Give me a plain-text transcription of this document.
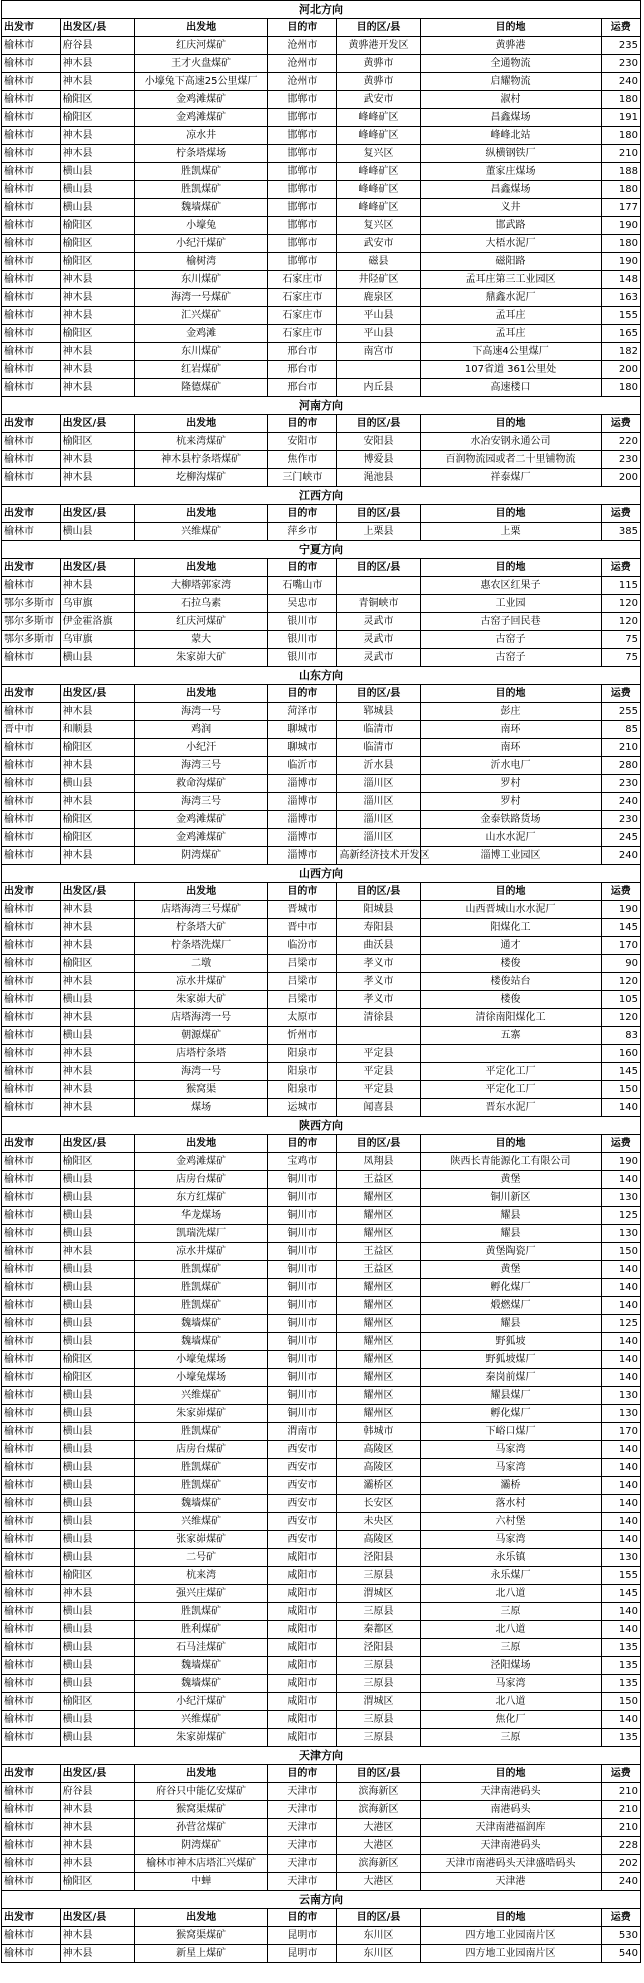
河北方向						
出发市	出发区/县	出发地	目的市	目的区/县	目的地	运费
榆林市	府谷县	红庆河煤矿	沧州市	黄骅港开发区	黄骅港	235
榆林市	神木县	王才火盘煤矿	沧州市	黄骅市	全通物流	230
榆林市	神木县	小壕兔下高速25公里煤厂	沧州市	黄骅市	启耀物流	240
榆林市	榆阳区	金鸡滩煤矿	邯郸市	武安市	淑村	180
榆林市	榆阳区	金鸡滩煤矿	邯郸市	峰峰矿区	昌鑫煤场	191
榆林市	神木县	凉水井	邯郸市	峰峰矿区	峰峰北站	180
榆林市	神木县	柠条塔煤场	邯郸市	复兴区	纵横钢铁厂	210
榆林市	横山县	胜凯煤矿	邯郸市	峰峰矿区	董家庄煤场	188
榆林市	横山县	胜凯煤矿	邯郸市	峰峰矿区	昌鑫煤场	180
榆林市	横山县	魏墙煤矿	邯郸市	峰峰矿区	义井	177
榆林市	榆阳区	小壕兔	邯郸市	复兴区	邯武路	190
榆林市	榆阳区	小纪汗煤矿	邯郸市	武安市	大梧水泥厂	180
榆林市	榆阳区	榆树湾	邯郸市	磁县	磁阳路	190
榆林市	神木县	东川煤矿	石家庄市	井陉矿区	孟耳庄第三工业园区	148
榆林市	神木县	海湾一号煤矿	石家庄市	鹿泉区	鼎鑫水泥厂	163
榆林市	神木县	汇兴煤矿	石家庄市	平山县	孟耳庄	155
榆林市	榆阳区	金鸡滩	石家庄市	平山县	孟耳庄	165
榆林市	神木县	东川煤矿	邢台市	南宫市	下高速4公里煤厂	182
榆林市	神木县	红岩煤矿	邢台市		107省道 361公里处	200
榆林市	神木县	隆德煤矿	邢台市	内丘县	高速楼口	180
河南方向						
出发市	出发区/县	出发地	目的市	目的区/县	目的地	运费
榆林市	榆阳区	杭来湾煤矿	安阳市	安阳县	水冶安钢永通公司	220
榆林市	神木县	神木县柠条塔煤矿	焦作市	博爱县	百润物流园或者二十里铺物流	230
榆林市	神木县	圪柳沟煤矿	三门峡市	渑池县	祥泰煤厂	200
江西方向						
出发市	出发区/县	出发地	目的市	目的区/县	目的地	运费
榆林市	横山县	兴维煤矿	萍乡市	上栗县	上栗	385
宁夏方向						
出发市	出发区/县	出发地	目的市	目的区/县	目的地	运费
榆林市	神木县	大柳塔郭家湾	石嘴山市		惠农区红果子	115
鄂尔多斯市	乌审旗	石拉乌素	吴忠市	青铜峡市	工业园	120
鄂尔多斯市	伊金霍洛旗	红庆河煤矿	银川市	灵武市	古窑子回民巷	120
鄂尔多斯市	乌审旗	蒙大	银川市	灵武市	古窑子	75
榆林市	横山县	朱家峁大矿	银川市	灵武市	古窑子	75
山东方向						
出发市	出发区/县	出发地	目的市	目的区/县	目的地	运费
榆林市	神木县	海湾一号	菏泽市	郓城县	彭庄	255
晋中市	和顺县	鸡润	聊城市	临清市	南环	85
榆林市	榆阳区	小纪汗	聊城市	临清市	南环	210
榆林市	神木县	海湾三号	临沂市	沂水县	沂水电厂	280
榆林市	横山县	救命沟煤矿	淄博市	淄川区	罗村	230
榆林市	神木县	海湾三号	淄博市	淄川区	罗村	240
榆林市	榆阳区	金鸡滩煤矿	淄博市	淄川区	金泰铁路货场	230
榆林市	榆阳区	金鸡滩煤矿	淄博市	淄川区	山水水泥厂	245
榆林市	神木县	阴湾煤矿	淄博市	高新经济技术开发区	淄博工业园区	240
山西方向						
出发市	出发区/县	出发地	目的市	目的区/县	目的地	运费
榆林市	神木县	店塔海湾三号煤矿	晋城市	阳城县	山西晋城山水水泥厂	190
榆林市	神木县	柠条塔大矿	晋中市	寿阳县	阳煤化工	145
榆林市	神木县	柠条塔洗煤厂	临汾市	曲沃县	通才	170
榆林市	榆阳区	二墩	吕梁市	孝义市	楼俊	90
榆林市	神木县	凉水井煤矿	吕梁市	孝义市	楼俊站台	120
榆林市	横山县	朱家峁大矿	吕梁市	孝义市	楼俊	105
榆林市	神木县	店塔海湾一号	太原市	清徐县	清徐南阳煤化工	120
榆林市	横山县	朝源煤矿	忻州市		五寨	83
榆林市	神木县	店塔柠条塔	阳泉市	平定县		160
榆林市	神木县	海湾一号	阳泉市	平定县	平定化工厂	145
榆林市	神木县	猴窝渠	阳泉市	平定县	平定化工厂	150
榆林市	神木县	煤场	运城市	闻喜县	晋东水泥厂	140
陕西方向						
出发市	出发区/县	出发地	目的市	目的区/县	目的地	运费
榆林市	榆阳区	金鸡滩煤矿	宝鸡市	凤翔县	陕西长青能源化工有限公司	190
榆林市	横山县	店房台煤矿	铜川市	王益区	黄堡	140
榆林市	横山县	东方红煤矿	铜川市	耀州区	铜川新区	130
榆林市	横山县	华龙煤场	铜川市	耀州区	耀县	125
榆林市	横山县	凯瑞洗煤厂	铜川市	耀州区	耀县	130
榆林市	神木县	凉水井煤矿	铜川市	王益区	黄堡陶瓷厂	150
榆林市	横山县	胜凯煤矿	铜川市	王益区	黄堡	140
榆林市	横山县	胜凯煤矿	铜川市	耀州区	孵化煤厂	140
榆林市	横山县	胜凯煤矿	铜川市	耀州区	煅燃煤厂	140
榆林市	横山县	魏墙煤矿	铜川市	耀州区	耀县	125
榆林市	横山县	魏墙煤矿	铜川市	耀州区	野狐坡	140
榆林市	榆阳区	小壕兔煤场	铜川市	耀州区	野狐坡煤厂	140
榆林市	榆阳区	小壕兔煤场	铜川市	耀州区	秦岗前煤厂	140
榆林市	横山县	兴维煤矿	铜川市	耀州区	耀县煤厂	130
榆林市	横山县	朱家峁煤矿	铜川市	耀州区	孵化煤厂	130
榆林市	横山县	胜凯煤矿	渭南市	韩城市	下峪口煤厂	170
榆林市	横山县	店房台煤矿	西安市	高陵区	马家湾	140
榆林市	横山县	胜凯煤矿	西安市	高陵区	马家湾	140
榆林市	横山县	胜凯煤矿	西安市	灞桥区	灞桥	140
榆林市	横山县	魏墙煤矿	西安市	长安区	落水村	140
榆林市	横山县	兴维煤矿	西安市	未央区	六村堡	140
榆林市	横山县	张家峁煤矿	西安市	高陵区	马家湾	140
榆林市	横山县	二号矿	咸阳市	泾阳县	永乐镇	130
榆林市	榆阳区	杭来湾	咸阳市	三原县	永乐煤厂	155
榆林市	神木县	强兴庄煤矿	咸阳市	渭城区	北八道	145
榆林市	横山县	胜凯煤矿	咸阳市	三原县	三原	140
榆林市	横山县	胜利煤矿	咸阳市	秦都区	北八道	140
榆林市	横山县	石马洼煤矿	咸阳市	泾阳县	三原	135
榆林市	横山县	魏墙煤矿	咸阳市	三原县	泾阳煤场	135
榆林市	横山县	魏墙煤矿	咸阳市	三原县	马家湾	135
榆林市	榆阳区	小纪汗煤矿	咸阳市	渭城区	北八道	150
榆林市	横山县	兴维煤矿	咸阳市	三原县	焦化厂	140
榆林市	横山县	朱家峁煤矿	咸阳市	三原县	三原	135
天津方向						
出发市	出发区/县	出发地	目的市	目的区/县	目的地	运费
榆林市	府谷县	府谷只中能亿安煤矿	天津市	滨海新区	天津南港码头	210
榆林市	神木县	猴窝渠煤矿	天津市	滨海新区	南港码头	210
榆林市	神木县	孙营岔煤矿	天津市	大港区	天津南港福润库	210
榆林市	神木县	阴湾煤矿	天津市	大港区	天津南港码头	228
榆林市	神木县	榆林市神木店塔汇兴煤矿	天津市	滨海新区	天津市南港码头天津盛晧码头	202
榆林市	榆阳区	中蝉	天津市	大港区	天津港	240
云南方向						
出发市	出发区/县	出发地	目的市	目的区/县	目的地	运费
榆林市	神木县	猴窝渠煤矿	昆明市	东川区	四方地工业园南片区	530
榆林市	神木县	新星上煤矿	昆明市	东川区	四方地工业园南片区	540
